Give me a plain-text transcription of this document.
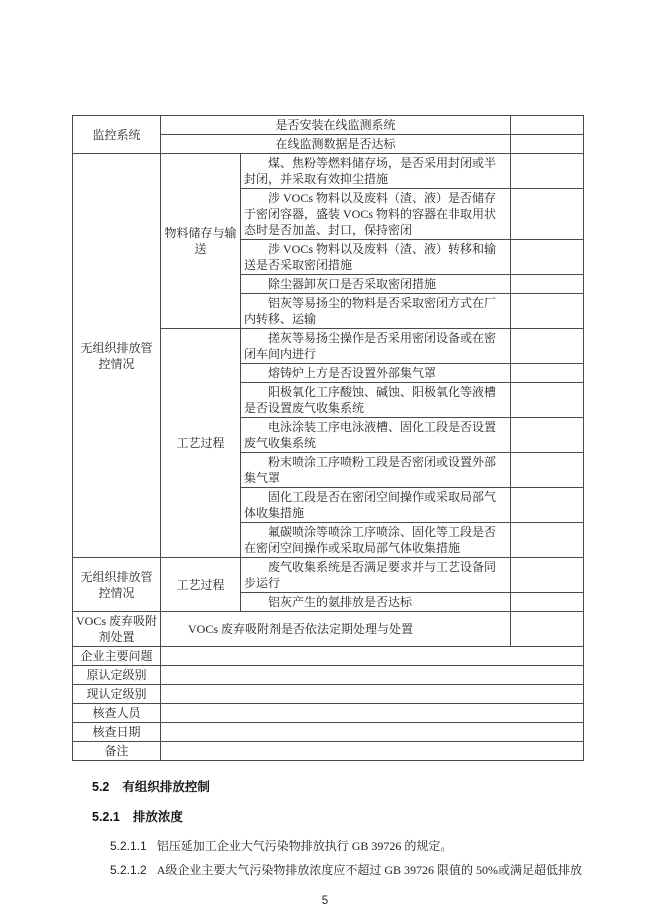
监控系统	是否安装在线监测系统		
	在线监测数据是否达标		
无组织排放管控情况	物料储存与输送	煤、焦粉等燃料储存场，是否采用封闭或半封闭，并采取有效抑尘措施	
		涉 VOCs 物料以及废料（渣、液）是否储存于密闭容器，盛装 VOCs 物料的容器在非取用状态时是否加盖、封口，保持密闭	
		涉 VOCs 物料以及废料（渣、液）转移和输送是否采取密闭措施	
		除尘器卸灰口是否采取密闭措施	
		铝灰等易扬尘的物料是否采取密闭方式在厂内转移、运输	
	工艺过程	搓灰等易扬尘操作是否采用密闭设备或在密闭车间内进行	
		熔铸炉上方是否设置外部集气罩	
		阳极氧化工序酸蚀、碱蚀、阳极氧化等液槽是否设置废气收集系统	
		电泳涂装工序电泳液槽、固化工段是否设置废气收集系统	
		粉末喷涂工序喷粉工段是否密闭或设置外部集气罩	
		固化工段是否在密闭空间操作或采取局部气体收集措施	
		氟碳喷涂等喷涂工序喷涂、固化等工段是否在密闭空间操作或采取局部气体收集措施	
无组织排放管控情况	工艺过程	废气收集系统是否满足要求并与工艺设备同步运行	
		铝灰产生的氨排放是否达标	
VOCs 废弃吸附剂处置	VOCs 废弃吸附剂是否依法定期处理与处置		
企业主要问题			
原认定级别			
现认定级别			
核查人员			
核查日期			
备注			
5.2 有组织排放控制
5.2.1 排放浓度
5.2.1.1 铝压延加工企业大气污染物排放执行 GB 39726 的规定。
5.2.1.2 A级企业主要大气污染物排放浓度应不超过 GB 39726 限值的 50%或满足超低排放
5
